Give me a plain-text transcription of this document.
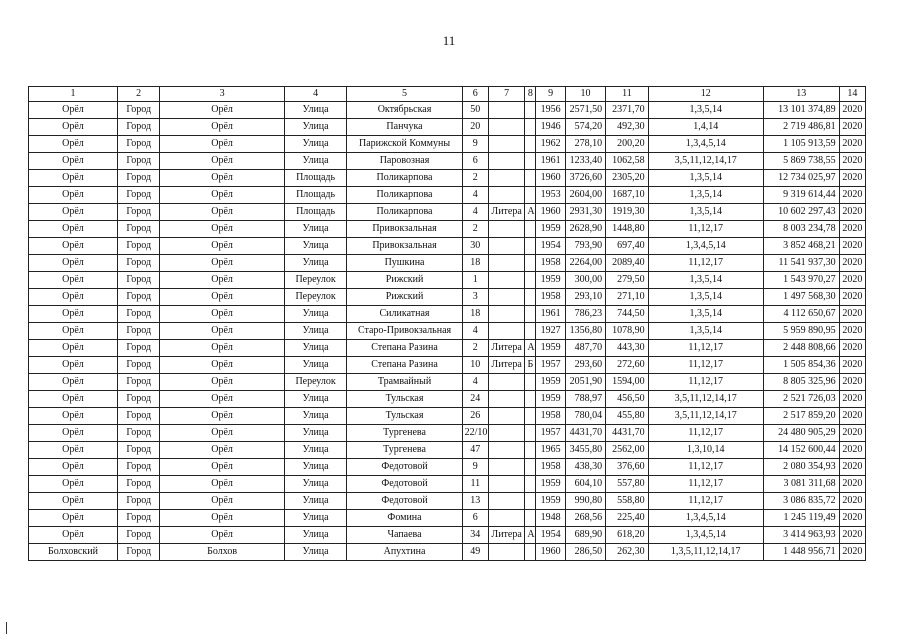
11
1	2	3	4	5	6	7	8	9	10	11	12	13	14
Орёл	Город	Орёл	Улица	Октябрьская	50			1956	2571,50	2371,70	1,3,5,14	13 101 374,89	2020
Орёл	Город	Орёл	Улица	Панчука	20			1946	574,20	492,30	1,4,14	2 719 486,81	2020
Орёл	Город	Орёл	Улица	Парижской Коммуны	9			1962	278,10	200,20	1,3,4,5,14	1 105 913,59	2020
Орёл	Город	Орёл	Улица	Паровозная	6			1961	1233,40	1062,58	3,5,11,12,14,17	5 869 738,55	2020
Орёл	Город	Орёл	Площадь	Поликарпова	2			1960	3726,60	2305,20	1,3,5,14	12 734 025,97	2020
Орёл	Город	Орёл	Площадь	Поликарпова	4			1953	2604,00	1687,10	1,3,5,14	9 319 614,44	2020
Орёл	Город	Орёл	Площадь	Поликарпова	4	Литера	А	1960	2931,30	1919,30	1,3,5,14	10 602 297,43	2020
Орёл	Город	Орёл	Улица	Привокзальная	2			1959	2628,90	1448,80	11,12,17	8 003 234,78	2020
Орёл	Город	Орёл	Улица	Привокзальная	30			1954	793,90	697,40	1,3,4,5,14	3 852 468,21	2020
Орёл	Город	Орёл	Улица	Пушкина	18			1958	2264,00	2089,40	11,12,17	11 541 937,30	2020
Орёл	Город	Орёл	Переулок	Рижский	1			1959	300,00	279,50	1,3,5,14	1 543 970,27	2020
Орёл	Город	Орёл	Переулок	Рижский	3			1958	293,10	271,10	1,3,5,14	1 497 568,30	2020
Орёл	Город	Орёл	Улица	Силикатная	18			1961	786,23	744,50	1,3,5,14	4 112 650,67	2020
Орёл	Город	Орёл	Улица	Старо-Привокзальная	4			1927	1356,80	1078,90	1,3,5,14	5 959 890,95	2020
Орёл	Город	Орёл	Улица	Степана Разина	2	Литера	А	1959	487,70	443,30	11,12,17	2 448 808,66	2020
Орёл	Город	Орёл	Улица	Степана Разина	10	Литера	Б	1957	293,60	272,60	11,12,17	1 505 854,36	2020
Орёл	Город	Орёл	Переулок	Трамвайный	4			1959	2051,90	1594,00	11,12,17	8 805 325,96	2020
Орёл	Город	Орёл	Улица	Тульская	24			1959	788,97	456,50	3,5,11,12,14,17	2 521 726,03	2020
Орёл	Город	Орёл	Улица	Тульская	26			1958	780,04	455,80	3,5,11,12,14,17	2 517 859,20	2020
Орёл	Город	Орёл	Улица	Тургенева	22/10			1957	4431,70	4431,70	11,12,17	24 480 905,29	2020
Орёл	Город	Орёл	Улица	Тургенева	47			1965	3455,80	2562,00	1,3,10,14	14 152 600,44	2020
Орёл	Город	Орёл	Улица	Федотовой	9			1958	438,30	376,60	11,12,17	2 080 354,93	2020
Орёл	Город	Орёл	Улица	Федотовой	11			1959	604,10	557,80	11,12,17	3 081 311,68	2020
Орёл	Город	Орёл	Улица	Федотовой	13			1959	990,80	558,80	11,12,17	3 086 835,72	2020
Орёл	Город	Орёл	Улица	Фомина	6			1948	268,56	225,40	1,3,4,5,14	1 245 119,49	2020
Орёл	Город	Орёл	Улица	Чапаева	34	Литера	А	1954	689,90	618,20	1,3,4,5,14	3 414 963,93	2020
Болховский	Город	Болхов	Улица	Апухтина	49			1960	286,50	262,30	1,3,5,11,12,14,17	1 448 956,71	2020
